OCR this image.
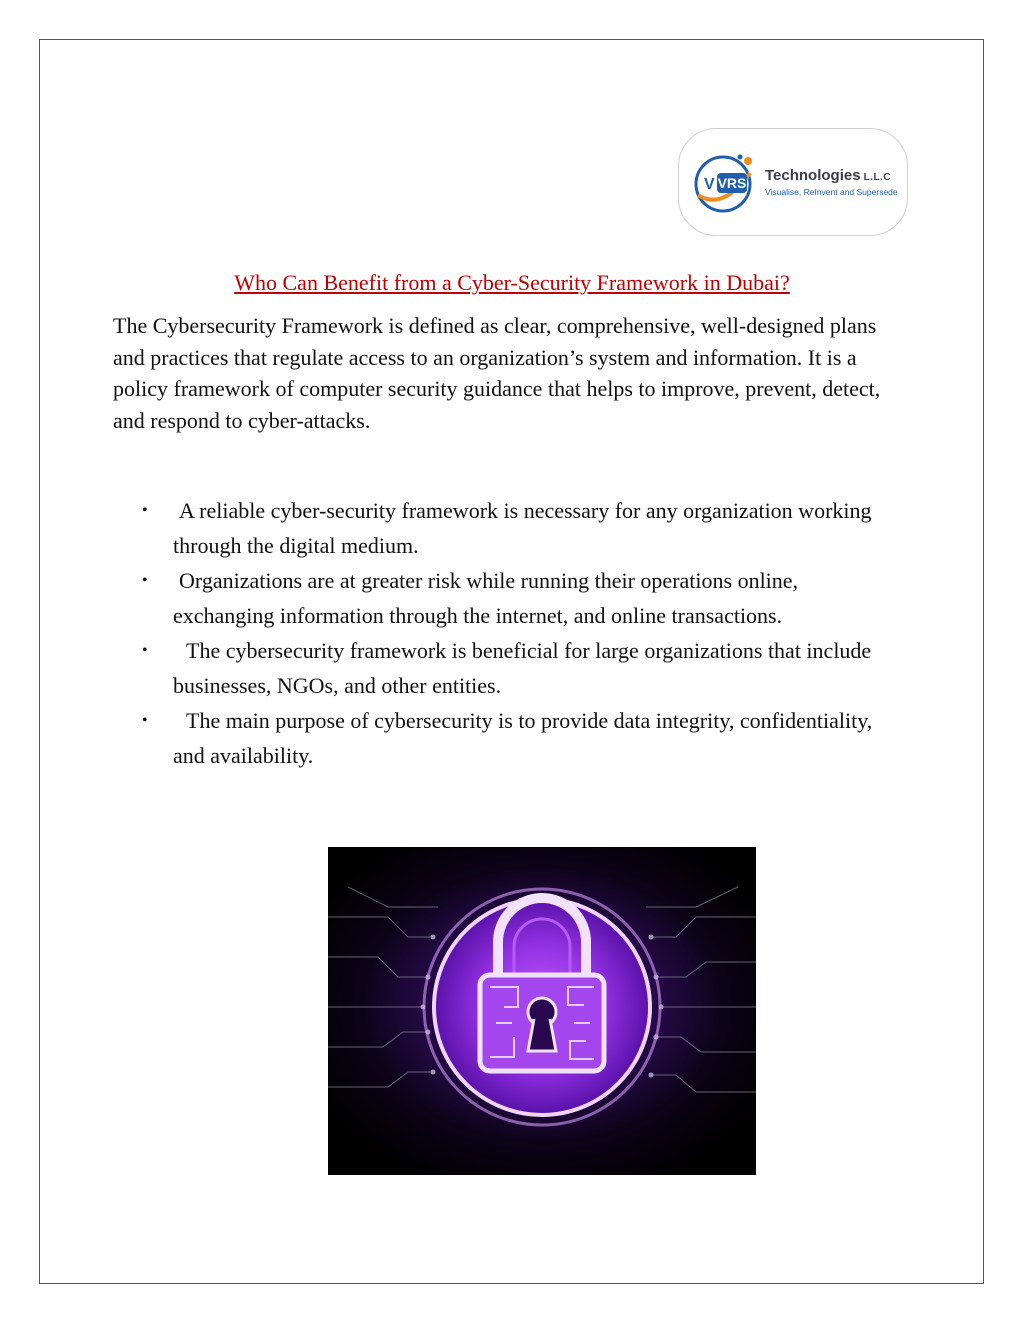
VRS
V
Technologies L.L.C
Visualise, ReInvent and Supersede
Who Can Benefit from a Cyber-Security Framework in Dubai?

The Cybersecurity Framework is defined as clear, comprehensive, well-designed plans and practices that regulate access to an organization’s system and information. It is a policy framework of computer security guidance that helps to improve, prevent, detect, and respond to cyber-attacks.

• A reliable cyber-security framework is necessary for any organization working through the digital medium.
• Organizations are at greater risk while running their operations online, exchanging information through the internet, and online transactions.
•	The cybersecurity framework is beneficial for large organizations that include businesses, NGOs, and other entities.
•	The main purpose of cybersecurity is to provide data integrity, confidentiality, and availability.
